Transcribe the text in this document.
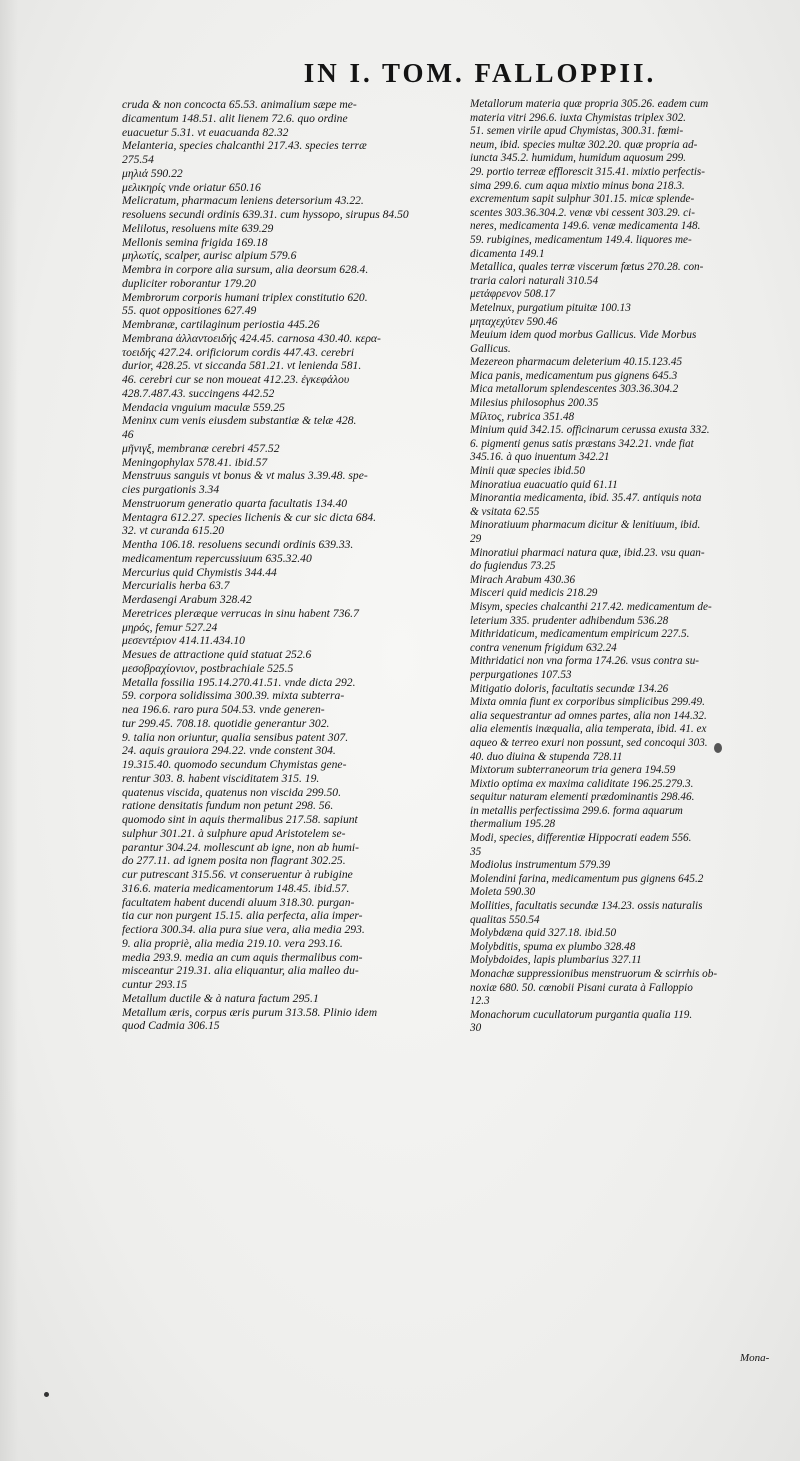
IN I. TOM. FALLOPPII.
cruda & non concocta 65.53. animalium sæpe me-
dicamentum 148.51. alit lienem 72.6. quo ordine
euacuetur 5.31. vt euacuanda 82.32
Melanteria, species chalcanthi 217.43. species terræ
275.54
μηλιά 590.22
μελικηρίς vnde oriatur 650.16
Melicratum, pharmacum leniens detersorium 43.22.
resoluens secundi ordinis 639.31. cum hyssopo, sirupus 84.50
Melilotus, resoluens mite 639.29
Mellonis semina frigida 169.18
μηλωτίς, scalper, aurisc alpium 579.6
Membra in corpore alia sursum, alia deorsum 628.4.
dupliciter roborantur 179.20
Membrorum corporis humani triplex constitutio 620.
55. quot oppositiones 627.49
Membranæ, cartilaginum periostia 445.26
Membrana ἀλλαντοειδής 424.45. carnosa 430.40. κερα-
τοειδής 427.24. orificiorum cordis 447.43. cerebri
durior, 428.25. vt siccanda 581.21. vt lenienda 581.
46. cerebri cur se non moueat 412.23. ἐγκεφάλου
428.7.487.43. succingens 442.52
Mendacia vnguium maculæ 559.25
Meninx cum venis eiusdem substantiæ & telæ 428.
46
μῆνιγξ, membranæ cerebri 457.52
Meningophylax 578.41. ibid.57
Menstruus sanguis vt bonus & vt malus 3.39.48. spe-
cies purgationis 3.34
Menstruorum generatio quarta facultatis 134.40
Mentagra 612.27. species lichenis & cur sic dicta 684.
32. vt curanda 615.20
Mentha 106.18. resoluens secundi ordinis 639.33.
medicamentum repercussiuum 635.32.40
Mercurius quid Chymistis 344.44
Mercurialis herba 63.7
Merdasengi Arabum 328.42
Meretrices pleræque verrucas in sinu habent 736.7
μηρός, femur 527.24
μεσεντέριον 414.11.434.10
Mesues de attractione quid statuat 252.6
μεσοβραχίονιον, postbrachiale 525.5
Metalla fossilia 195.14.270.41.51. vnde dicta 292.
59. corpora solidissima 300.39. mixta subterra-
nea 196.6. raro pura 504.53. vnde generen-
tur 299.45. 708.18. quotidie generantur 302.
9. talia non oriuntur, qualia sensibus patent 307.
24. aquis grauiora 294.22. vnde constent 304.
19.315.40. quomodo secundum Chymistas gene-
rentur 303. 8. habent visciditatem 315. 19.
quatenus viscida, quatenus non viscida 299.50.
ratione densitatis fundum non petunt 298. 56.
quomodo sint in aquis thermalibus 217.58. sapiunt
sulphur 301.21. à sulphure apud Aristotelem se-
parantur 304.24. mollescunt ab igne, non ab humi-
do 277.11. ad ignem posita non flagrant 302.25.
cur putrescant 315.56. vt conseruentur à rubigine
316.6. materia medicamentorum 148.45. ibid.57.
facultatem habent ducendi aluum 318.30. purgan-
tia cur non purgent 15.15. alia perfecta, alia imper-
fectiora 300.34. alia pura siue vera, alia media 293.
9. alia propriè, alia media 219.10. vera 293.16.
media 293.9. media an cum aquis thermalibus com-
misceantur 219.31. alia eliquantur, alia malleo du-
cuntur 293.15
Metallum ductile & à natura factum 295.1
Metallum æris, corpus æris purum 313.58. Plinio idem
quod Cadmia 306.15
Metallorum materia quæ propria 305.26. eadem cum
materia vitri 296.6. iuxta Chymistas triplex 302.
51. semen virile apud Chymistas, 300.31. fœmi-
neum, ibid. species multæ 302.20. quæ propria ad-
iuncta 345.2. humidum, humidum aquosum 299.
29. portio terreæ efflorescit 315.41. mixtio perfectis-
sima 299.6. cum aqua mixtio minus bona 218.3.
excrementum sapit sulphur 301.15. micæ splende-
scentes 303.36.304.2. venæ vbi cessent 303.29. ci-
neres, medicamenta 149.6. venæ medicamenta 148.
59. rubigines, medicamentum 149.4. liquores me-
dicamenta 149.1
Metallica, quales terræ viscerum fœtus 270.28. con-
traria calori naturali 310.54
μετάφρενον 508.17
Metelnux, purgatium pituitæ 100.13
μηταχεχύτεν 590.46
Meuium idem quod morbus Gallicus. Vide Morbus
Gallicus.
Mezereon pharmacum deleterium 40.15.123.45
Mica panis, medicamentum pus gignens 645.3
Mica metallorum splendescentes 303.36.304.2
Milesius philosophus 200.35
Μίλτος, rubrica 351.48
Minium quid 342.15. officinarum cerussa exusta 332.
6. pigmenti genus satis præstans 342.21. vnde fiat
345.16. à quo inuentum 342.21
Minii quæ species ibid.50
Minoratiua euacuatio quid 61.11
Minorantia medicamenta, ibid. 35.47. antiquis nota
& vsitata 62.55
Minoratiuum pharmacum dicitur & lenitiuum, ibid.
29
Minoratiui pharmaci natura quæ, ibid.23. vsu quan-
do fugiendus 73.25
Mirach Arabum 430.36
Misceri quid medicis 218.29
Misym, species chalcanthi 217.42. medicamentum de-
leterium 335. prudenter adhibendum 536.28
Mithridaticum, medicamentum empiricum 227.5.
contra venenum frigidum 632.24
Mithridatici non vna forma 174.26. vsus contra su-
perpurgationes 107.53
Mitigatio doloris, facultatis secundæ 134.26
Mixta omnia fiunt ex corporibus simplicibus 299.49.
alia sequestrantur ad omnes partes, alia non 144.32.
alia elementis inæqualia, alia temperata, ibid. 41. ex
aqueo & terreo exuri non possunt, sed concoqui 303.
40. duo diuina & stupenda 728.11
Mixtorum subterraneorum tria genera 194.59
Mixtio optima ex maxima caliditate 196.25.279.3.
sequitur naturam elementi prædominantis 298.46.
in metallis perfectissima 299.6. forma aquarum
thermalium 195.28
Modi, species, differentiæ Hippocrati eadem 556.
35
Modiolus instrumentum 579.39
Molendini farina, medicamentum pus gignens 645.2
Moleta 590.30
Mollities, facultatis secundæ 134.23. ossis naturalis
qualitas 550.54
Molybdæna quid 327.18. ibid.50
Molybditis, spuma ex plumbo 328.48
Molybdoides, lapis plumbarius 327.11
Monachæ suppressionibus menstruorum & scirrhis ob-
noxiæ 680. 50. cœnobii Pisani curata à Falloppio
12.3
Monachorum cucullatorum purgantia qualia 119.
30
Mona-
